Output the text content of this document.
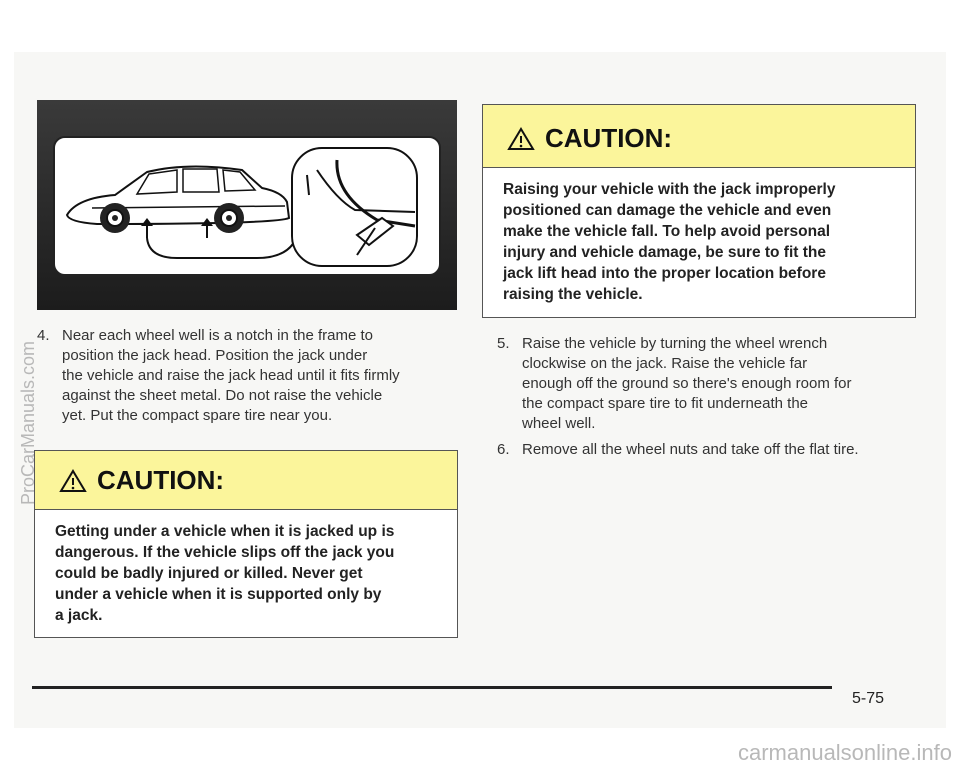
4. Near each wheel well is a notch in the frame to
position the jack head. Position the jack under
the vehicle and raise the jack head until it fits firmly
against the sheet metal. Do not raise the vehicle
yet. Put the compact spare tire near you.
CAUTION:
Getting under a vehicle when it is jacked up is
dangerous. If the vehicle slips off the jack you
could be badly injured or killed. Never get
under a vehicle when it is supported only by
a jack.
CAUTION:
Raising your vehicle with the jack improperly
positioned can damage the vehicle and even
make the vehicle fall. To help avoid personal
injury and vehicle damage, be sure to fit the
jack lift head into the proper location before
raising the vehicle.
5. Raise the vehicle by turning the wheel wrench
clockwise on the jack. Raise the vehicle far
enough off the ground so there's enough room for
the compact spare tire to fit underneath the
wheel well.
6. Remove all the wheel nuts and take off the flat tire.
5-75
ProCarManuals.com
carmanualsonline.info
